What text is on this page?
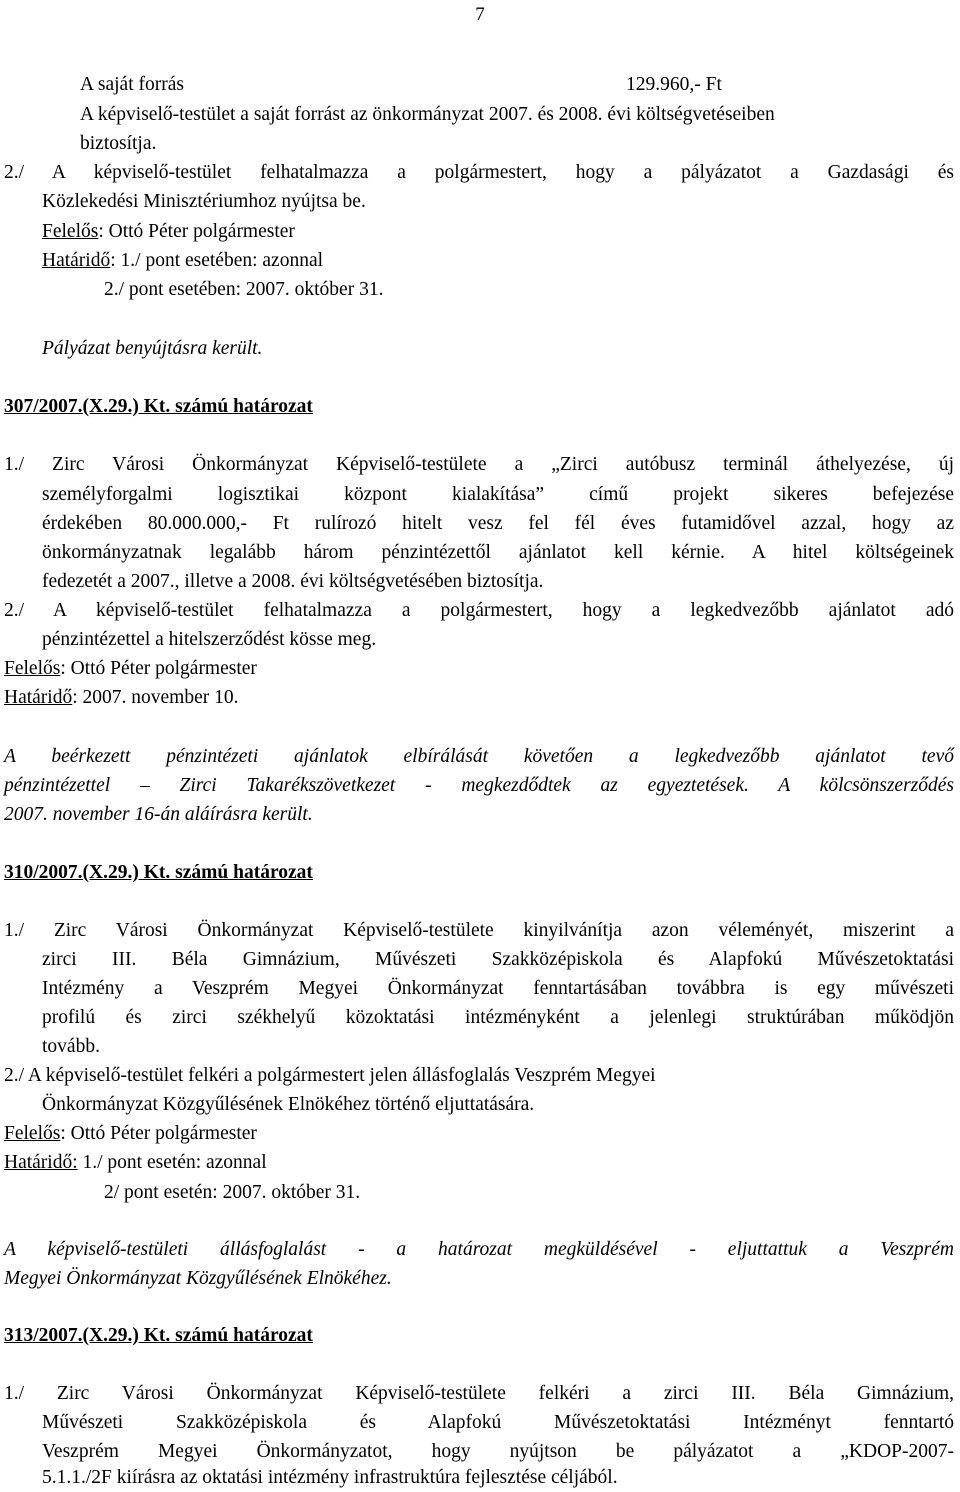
7
A saját forrás	129.960,- Ft
A képviselő-testület a saját forrást az önkormányzat 2007. és 2008. évi költségvetéseiben
biztosítja.
2./ A képviselő-testület felhatalmazza a polgármestert, hogy a pályázatot a Gazdasági és
Közlekedési Minisztériumhoz nyújtsa be.
Felelős: Ottó Péter polgármester
Határidő: 1./ pont esetében: azonnal
2./ pont esetében: 2007. október 31.
Pályázat benyújtásra került.
307/2007.(X.29.) Kt. számú határozat
1./ Zirc Városi Önkormányzat Képviselő-testülete a „Zirci autóbusz terminál áthelyezése, új
személyforgalmi logisztikai központ kialakítása” című projekt sikeres befejezése
érdekében 80.000.000,- Ft rulírozó hitelt vesz fel fél éves futamidővel azzal, hogy az
önkormányzatnak legalább három pénzintézettől ajánlatot kell kérnie. A hitel költségeinek
fedezetét a 2007., illetve a 2008. évi költségvetésében biztosítja.
2./ A képviselő-testület felhatalmazza a polgármestert, hogy a legkedvezőbb ajánlatot adó
pénzintézettel a hitelszerződést kösse meg.
Felelős: Ottó Péter polgármester
Határidő: 2007. november 10.
A beérkezett pénzintézeti ajánlatok elbírálását követően a legkedvezőbb ajánlatot tevő
pénzintézettel – Zirci Takarékszövetkezet - megkezdődtek az egyeztetések. A kölcsönszerződés
2007. november 16-án aláírásra került.
310/2007.(X.29.) Kt. számú határozat
1./ Zirc Városi Önkormányzat Képviselő-testülete kinyilvánítja azon véleményét, miszerint a
zirci III. Béla Gimnázium, Művészeti Szakközépiskola és Alapfokú Művészetoktatási
Intézmény a Veszprém Megyei Önkormányzat fenntartásában továbbra is egy művészeti
profilú és zirci székhelyű közoktatási intézményként a jelenlegi struktúrában működjön
tovább.
2./ A képviselő-testület felkéri a polgármestert jelen állásfoglalás Veszprém Megyei
Önkormányzat Közgyűlésének Elnökéhez történő eljuttatására.
Felelős: Ottó Péter polgármester
Határidő: 1./ pont esetén: azonnal
2/ pont esetén: 2007. október 31.
A képviselő-testületi állásfoglalást - a határozat megküldésével - eljuttattuk a Veszprém
Megyei Önkormányzat Közgyűlésének Elnökéhez.
313/2007.(X.29.) Kt. számú határozat
1./ Zirc Városi Önkormányzat Képviselő-testülete felkéri a zirci III. Béla Gimnázium,
Művészeti Szakközépiskola és Alapfokú Művészetoktatási Intézményt fenntartó
Veszprém Megyei Önkormányzatot, hogy nyújtson be pályázatot a „KDOP-2007-
5.1.1./2F kiírásra az oktatási intézmény infrastruktúra fejlesztése céljából.
